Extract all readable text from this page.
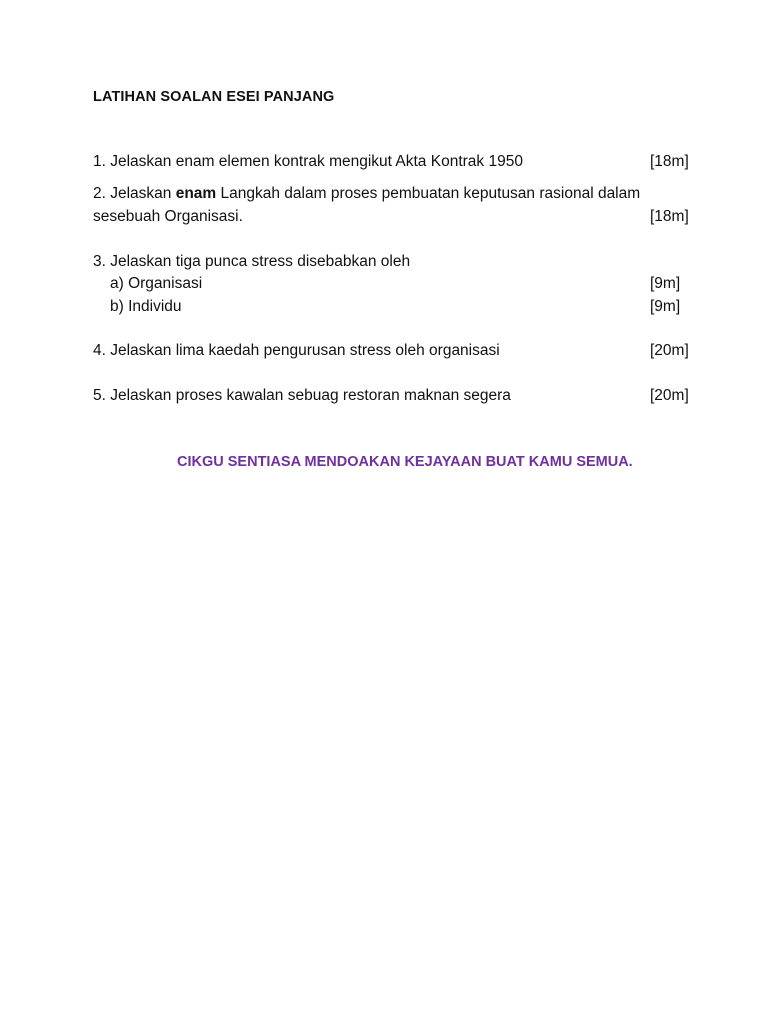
LATIHAN SOALAN ESEI PANJANG
1. Jelaskan enam elemen kontrak mengikut Akta Kontrak 1950	[18m]
2. Jelaskan enam Langkah dalam proses pembuatan keputusan rasional dalam
sesebuah Organisasi.	[18m]
3. Jelaskan tiga punca stress disebabkan oleh
a) Organisasi	[9m]
b) Individu	[9m]
4. Jelaskan lima kaedah pengurusan stress oleh organisasi	[20m]
5. Jelaskan proses kawalan sebuag restoran maknan segera	[20m]
CIKGU SENTIASA MENDOAKAN KEJAYAAN BUAT KAMU SEMUA.
